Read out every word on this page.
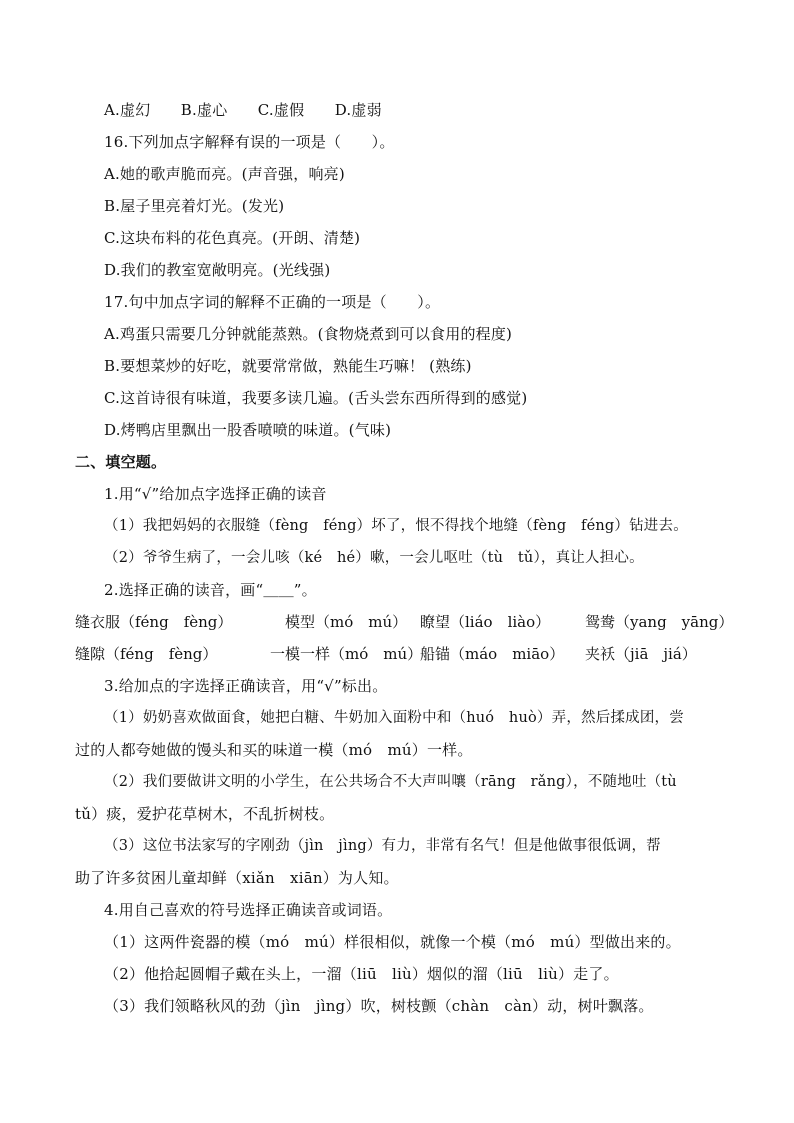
A.虚幻　　B.虚心　　C.虚假　　D.虚弱
16.下列加点字解释有误的一项是（　　）。
A.她的歌声脆而亮。(声音强，响亮)
B.屋子里亮着灯光。(发光)
C.这块布料的花色真亮。(开朗、清楚)
D.我们的教室宽敞明亮。(光线强)
17.句中加点字词的解释不正确的一项是（　　）。
A.鸡蛋只需要几分钟就能蒸熟。(食物烧煮到可以食用的程度)
B.要想菜炒的好吃，就要常常做，熟能生巧嘛！ (熟练)
C.这首诗很有味道，我要多读几遍。(舌头尝东西所得到的感觉)
D.烤鸭店里飘出一股香喷喷的味道。(气味)
二、填空题。
1.用“√”给加点字选择正确的读音
（1）我把妈妈的衣服缝（fèng　féng）坏了，恨不得找个地缝（fèng　féng）钻进去。
（2）爷爷生病了，一会儿咳（ké　hé）嗽，一会儿呕吐（tù　tǔ），真让人担心。
2.选择正确的读音，画“＿＿”。
缝衣服（féng　fèng）	模型（mó　mú） 瞭望（liáo　liào） 鸳鸯（yang　yāng）
缝隙（féng　fèng）	一模一样（mó　mú）
船锚（máo　miāo） 夹袄（jiā　jiá）
3.给加点的字选择正确读音，用“√”标出。
（1）奶奶喜欢做面食，她把白糖、牛奶加入面粉中和（huó　huò）弄，然后揉成团，尝
过的人都夸她做的馒头和买的味道一模（mó　mú）一样。
（2）我们要做讲文明的小学生，在公共场合不大声叫嚷（rāng　rǎng），不随地吐（tù
tǔ）痰，爱护花草树木，不乱折树枝。
（3）这位书法家写的字刚劲（jìn　jìng）有力，非常有名气！但是他做事很低调，帮
助了许多贫困儿童却鲜（xiǎn　xiān）为人知。
4.用自己喜欢的符号选择正确读音或词语。
（1）这两件瓷器的模（mó　mú）样很相似，就像一个模（mó　mú）型做出来的。
（2）他拾起圆帽子戴在头上，一溜（liū　liù）烟似的溜（liū　liù）走了。
（3）我们领略秋风的劲（jìn　jìng）吹，树枝颤（chàn　càn）动，树叶飘落。
